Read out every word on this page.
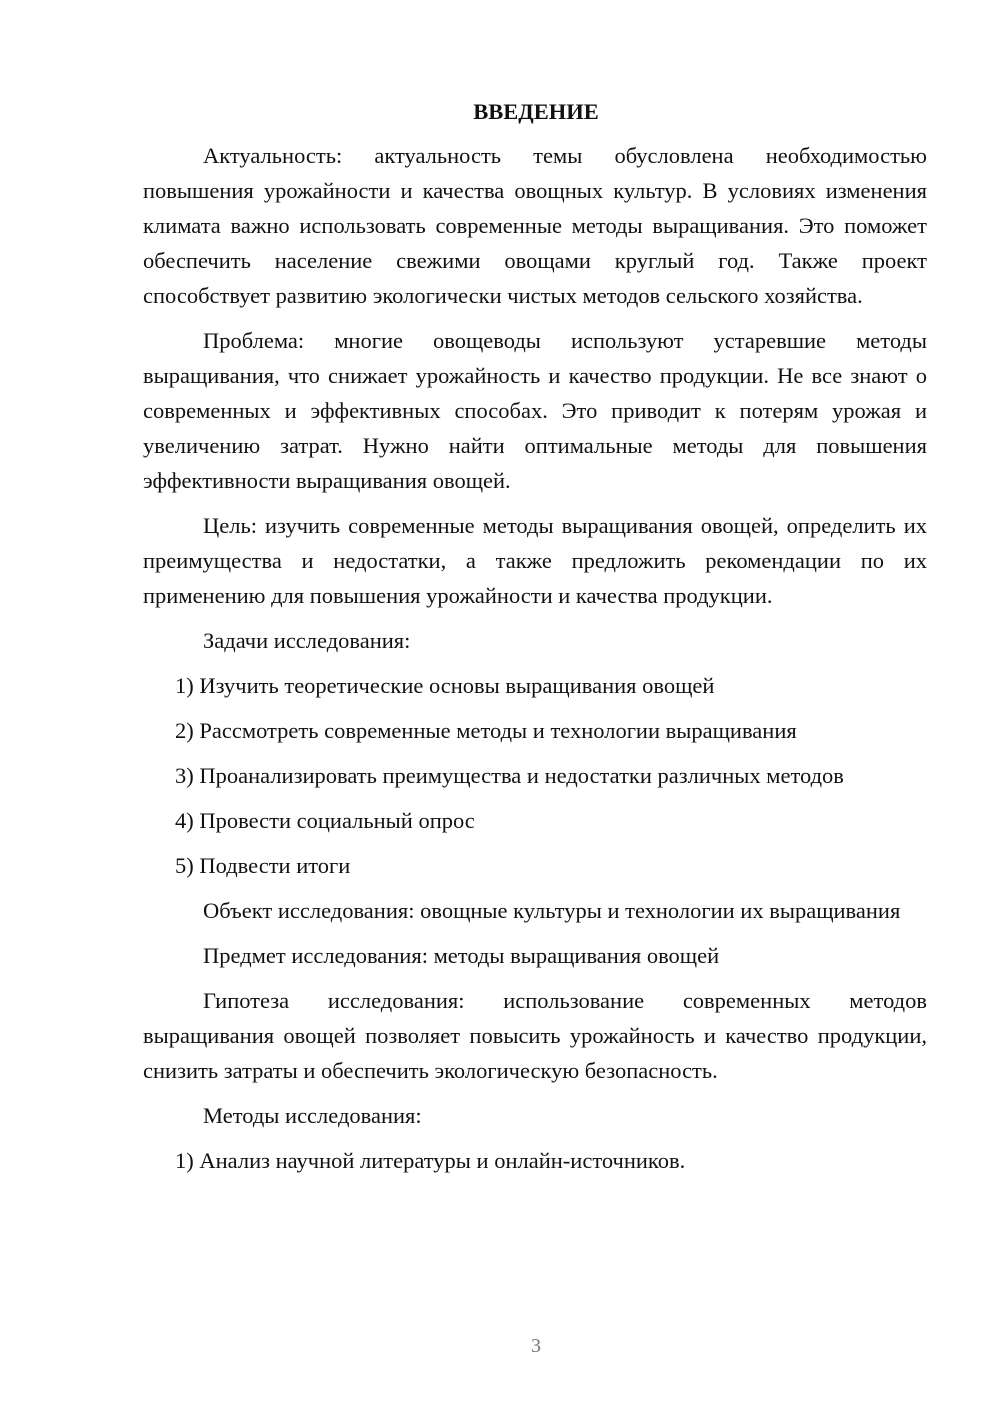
ВВЕДЕНИЕ

Актуальность: актуальность темы обусловлена необходимостью повышения урожайности и качества овощных культур. В условиях изменения климата важно использовать современные методы выращивания. Это поможет обеспечить население свежими овощами круглый год. Также проект способствует развитию экологически чистых методов сельского хозяйства.

Проблема: многие овощеводы используют устаревшие методы выращивания, что снижает урожайность и качество продукции. Не все знают о современных и эффективных способах. Это приводит к потерям урожая и увеличению затрат. Нужно найти оптимальные методы для повышения эффективности выращивания овощей.

Цель: изучить современные методы выращивания овощей, определить их преимущества и недостатки, а также предложить рекомендации по их применению для повышения урожайности и качества продукции.

Задачи исследования:

1) Изучить теоретические основы выращивания овощей
2) Рассмотреть современные методы и технологии выращивания
3) Проанализировать преимущества и недостатки различных методов
4) Провести социальный опрос
5) Подвести итоги

Объект исследования: овощные культуры и технологии их выращивания

Предмет исследования: методы выращивания овощей

Гипотеза исследования: использование современных методов выращивания овощей позволяет повысить урожайность и качество продукции, снизить затраты и обеспечить экологическую безопасность.

Методы исследования:

1) Анализ научной литературы и онлайн-источников.
3
